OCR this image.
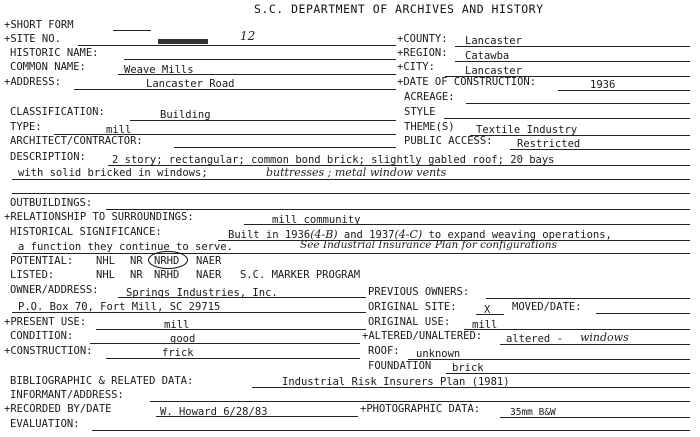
S.C. DEPARTMENT OF ARCHIVES AND HISTORY
+SHORT FORM
+SITE NO.	12	+COUNTY: Lancaster
HISTORIC NAME:	+REGION: Catawba
COMMON NAME:	Weave Mills	+CITY:	Lancaster
+ADDRESS:	Lancaster Road	+DATE OF CONSTRUCTION:	1936
ACREAGE:
CLASSIFICATION:	Building	STYLE
TYPE:	mill	THEME(S) Textile Industry
ARCHITECT/CONTRACTOR:	PUBLIC ACCESS: Restricted
DESCRIPTION: 2 story; rectangular; common bond brick; slightly gabled roof; 20 bays
with solid bricked in windows;	buttresses ; metal window vents
OUTBUILDINGS:
+RELATIONSHIP TO SURROUNDINGS:	mill community
HISTORICAL SIGNIFICANCE:	Built in 1936(4-B) and 1937(4-C) to expand weaving operations,
a function they continue to serve.	See Industrial Insurance Plan for configurations
POTENTIAL: NHL NR NRHD NAER
LISTED:	NHL NR NRHD NAER S.C. MARKER PROGRAM
OWNER/ADDRESS:	Springs Industries, Inc.	PREVIOUS OWNERS:
P.O. Box 70, Fort Mill, SC 29715	ORIGINAL SITE:	X MOVED/DATE:
+PRESENT USE:	mill	ORIGINAL USE: mill
CONDITION:	good	+ALTERED/UNALTERED: altered - windows
+CONSTRUCTION:	frick	ROOF: unknown
FOUNDATION brick
BIBLIOGRAPHIC & RELATED DATA:	Industrial Risk Insurers Plan (1981)
INFORMANT/ADDRESS:
+RECORDED BY/DATE	W. Howard 6/28/83	+PHOTOGRAPHIC DATA:	35mm B&W
EVALUATION:
